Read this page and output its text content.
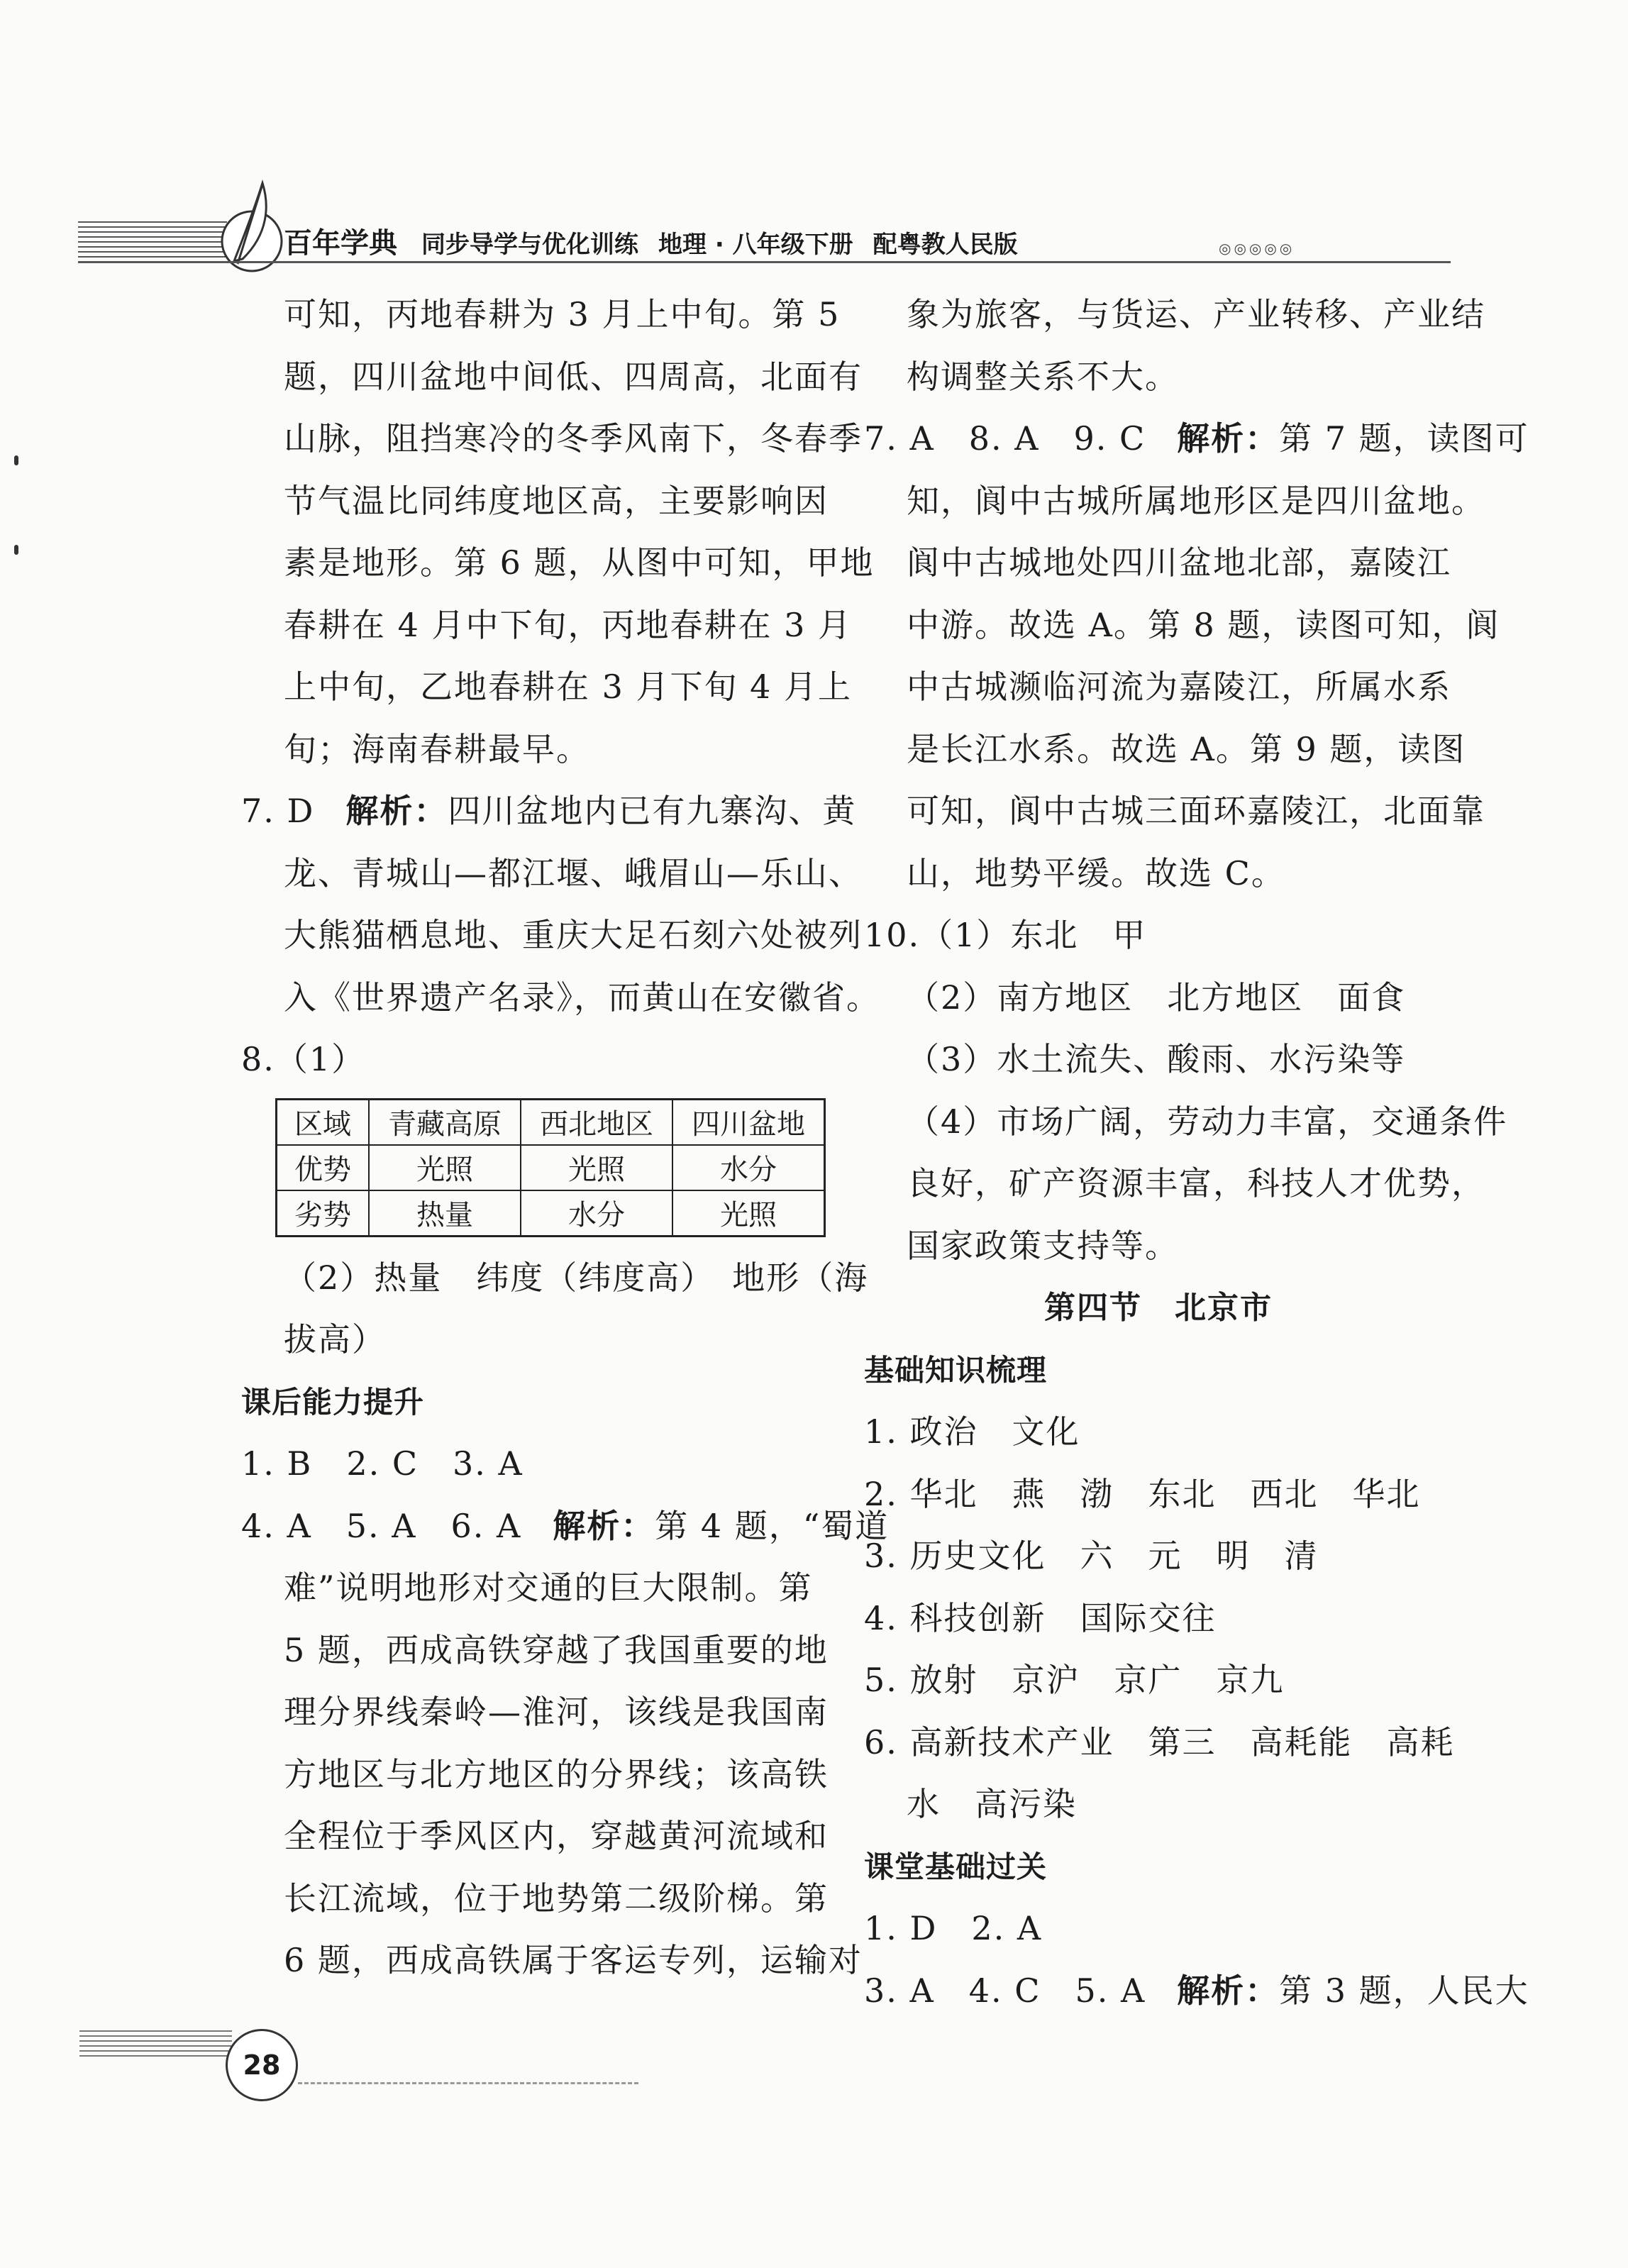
百年学典 同步导学与优化训练 地理 · 八年级下册 配粤教人民版	◎◎◎◎◎
可知，丙地春耕为 3 月上中旬。第 5
题，四川盆地中间低、四周高，北面有
山脉，阻挡寒冷的冬季风南下，冬春季
节气温比同纬度地区高，主要影响因
素是地形。第 6 题，从图中可知，甲地
春耕在 4 月中下旬，丙地春耕在 3 月
上中旬，乙地春耕在 3 月下旬 4 月上
旬；海南春耕最早。
7. D 解析：四川盆地内已有九寨沟、黄
龙、青城山—都江堰、峨眉山—乐山、
大熊猫栖息地、重庆大足石刻六处被列
入《世界遗产名录》，而黄山在安徽省。
8.（1）
区域	青藏高原	西北地区	四川盆地
优势	光照	光照	水分
劣势	热量	水分	光照
（2）热量　纬度（纬度高）　地形（海
拔高）
课后能力提升
1. B　2. C　3. A
4. A　5. A　6. A 解析：第 4 题，“蜀道
难”说明地形对交通的巨大限制。第
5 题，西成高铁穿越了我国重要的地
理分界线秦岭—淮河，该线是我国南
方地区与北方地区的分界线；该高铁
全程位于季风区内，穿越黄河流域和
长江流域，位于地势第二级阶梯。第
6 题，西成高铁属于客运专列，运输对
象为旅客，与货运、产业转移、产业结
构调整关系不大。
7. A　8. A　9. C 解析：第 7 题，读图可
知，阆中古城所属地形区是四川盆地。
阆中古城地处四川盆地北部，嘉陵江
中游。故选 A。第 8 题，读图可知，阆
中古城濒临河流为嘉陵江，所属水系
是长江水系。故选 A。第 9 题，读图
可知，阆中古城三面环嘉陵江，北面靠
山，地势平缓。故选 C。
10.（1）东北　甲
（2）南方地区　北方地区　面食
（3）水土流失、酸雨、水污染等
（4）市场广阔，劳动力丰富，交通条件
良好，矿产资源丰富，科技人才优势，
国家政策支持等。
第四节　北京市
基础知识梳理
1. 政治　文化
2. 华北　燕　渤　东北　西北　华北
3. 历史文化　六　元　明　清
4. 科技创新　国际交往
5. 放射　京沪　京广　京九
6. 高新技术产业　第三　高耗能　高耗
水　高污染
课堂基础过关
1. D　2. A
3. A　4. C　5. A 解析：第 3 题，人民大
28
